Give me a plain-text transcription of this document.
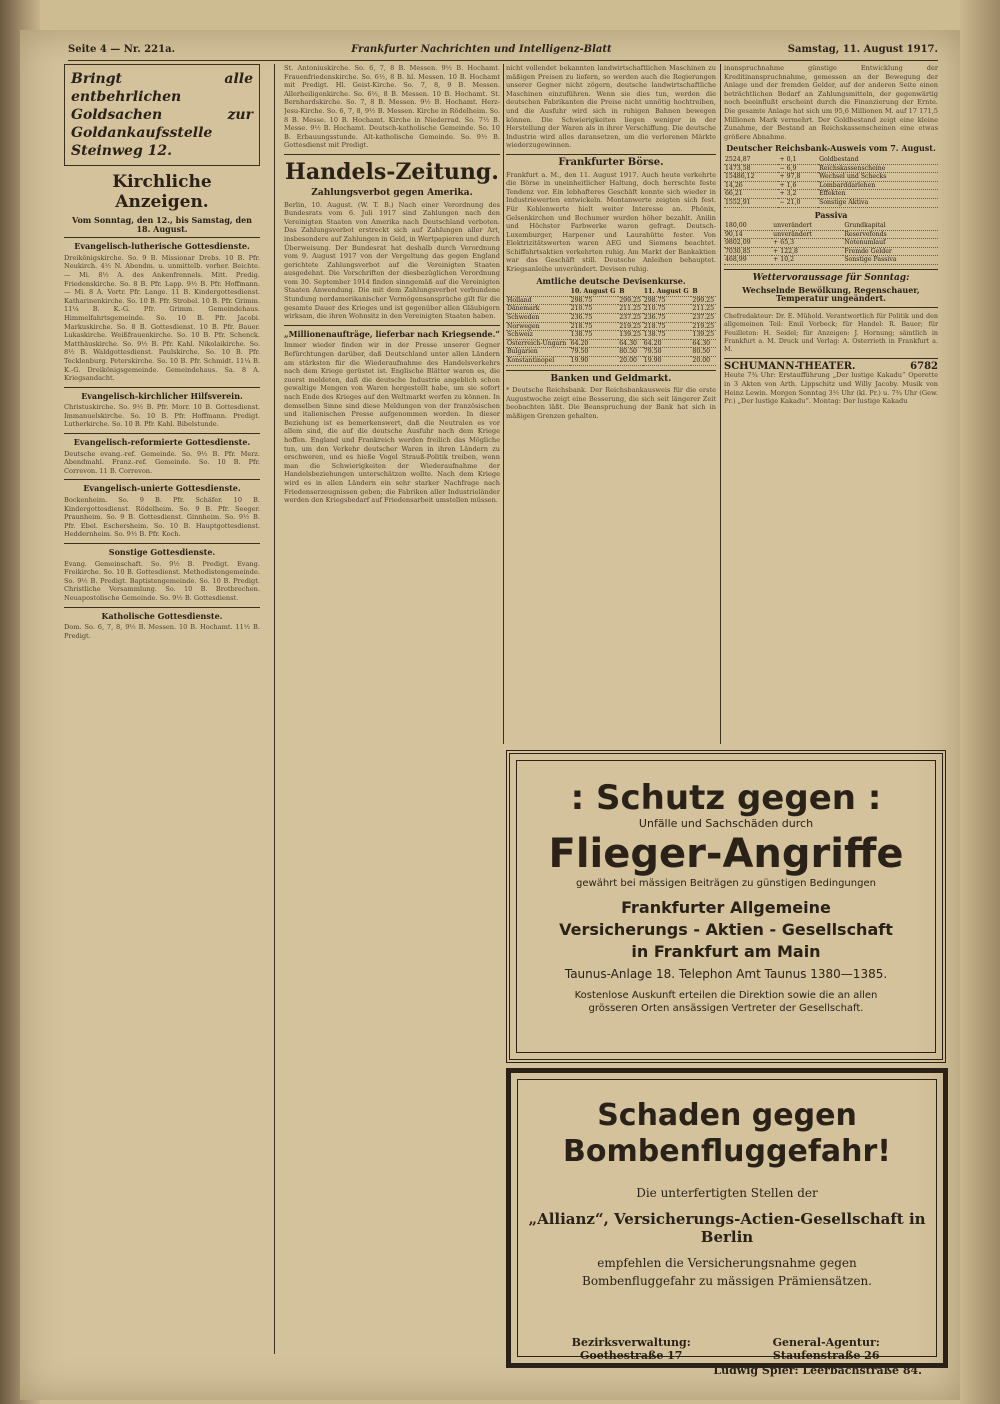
Seite 4 — Nr. 221a.	Frankfurter Nachrichten und Intelligenz-Blatt	Samstag, 11. August 1917.
Bringt alle entbehrlichen Goldsachen zur Goldankaufsstelle Steinweg 12.
Kirchliche Anzeigen.
Vom Sonntag, den 12., bis Samstag, den 18. August.
Evangelisch-lutherische Gottesdienste.
Dreikönigskirche. So. 9 B. Missionar Drebs. 10 B. Pfr. Neukirch. 4½ N. Abendm. u. unmittelb. vorher. Beichte. — Mi. 8½ A. des Ankenfrennels. Mitt. Predig. Friedenskirche. So. 8 B. Pfr. Lapp. 9½ B. Pfr. Hoffmann. — Mi. 8 A. Vortr. Pfr. Lange. 11 B. Kindergottesdienst. Katharinenkirche. So. 10 B. Pfr. Strobel. 10 B. Pfr. Grimm. 11¼ B. K.-G. Pfr. Grimm. Gemeindehaus. Himmelfahrtsgemeinde. So. 10 B. Pfr. Jacobi. Markuskirche. So. 8 B. Gottesdienst. 10 B. Pfr. Bauer. Lukaskirche. Weißfrauenkirche. So. 10 B. Pfr. Schenck. Matthäuskirche. So. 9½ B. Pfr. Kahl. Nikolaikirche. So. 8½ B. Waldgottesdienst. Paulskirche. So. 10 B. Pfr. Tecklenburg. Peterskirche. So. 10 B. Pfr. Schmidt. 11¼ B. K.-G. Dreikönigsgemeinde. Gemeindehaus. Sa. 8 A. Kriegsandacht.
Evangelisch-kirchlicher Hilfsverein.
Christuskirche. So. 9½ B. Pfr. Morr. 10 B. Gottesdienst. Immanuelskirche. So. 10 B. Pfr. Hoffmann. Predigt. Lutherkirche. So. 10 B. Pfr. Kahl. Bibelstunde.
Evangelisch-reformierte Gottesdienste.
Deutsche evang.-ref. Gemeinde. So. 9½ B. Pfr. Merz. Abendmahl. Franz.-ref. Gemeinde. So. 10 B. Pfr. Correvon. 11 B. Correvon.
Evangelisch-unierte Gottesdienste.
Bockenheim. So. 9 B. Pfr. Schäfer. 10 B. Kindergottesdienst. Rödelheim. So. 9 B. Pfr. Seeger. Praunheim. So. 9 B. Gottesdienst. Ginnheim. So. 9½ B. Pfr. Ebel. Eschersheim. So. 10 B. Hauptgottesdienst. Heddernheim. So. 9½ B. Pfr. Koch.
Sonstige Gottesdienste.
Evang. Gemeinschaft. So. 9½ B. Predigt. Evang. Freikirche. So. 10 B. Gottesdienst. Methodistengemeinde. So. 9½ B. Predigt. Baptistengemeinde. So. 10 B. Predigt. Christliche Versammlung. So. 10 B. Brotbrechen. Neuapostolische Gemeinde. So. 9½ B. Gottesdienst.
Katholische Gottesdienste.
Dom. So. 6, 7, 8, 9½ B. Messen. 10 B. Hochamt. 11½ B. Predigt.
St. Antoniuskirche. So. 6, 7, 8 B. Messen. 9½ B. Hochamt. Frauenfriedenskirche. So. 6½, 8 B. hl. Messen. 10 B. Hochamt mit Predigt. Hl. Geist-Kirche. So. 7, 8, 9 B. Messen. Allerheiligenkirche. So. 6½, 8 B. Messen. 10 B. Hochamt. St. Bernhardskirche. So. 7, 8 B. Messen. 9½ B. Hochamt. Herz-Jesu-Kirche. So. 6, 7, 8, 9½ B. Messen. Kirche in Rödelheim. So. 8 B. Messe. 10 B. Hochamt. Kirche in Niederrad. So. 7½ B. Messe. 9½ B. Hochamt. Deutsch-katholische Gemeinde. So. 10 B. Erbauungsstunde. Alt-katholische Gemeinde. So. 9½ B. Gottesdienst mit Predigt.
Handels-Zeitung.
Zahlungsverbot gegen Amerika.
Berlin, 10. August. (W. T. B.) Nach einer Verordnung des Bundesrats vom 6. Juli 1917 sind Zahlungen nach den Vereinigten Staaten von Amerika nach Deutschland verboten. Das Zahlungsverbot erstreckt sich auf Zahlungen aller Art, insbesondere auf Zahlungen in Geld, in Wertpapieren und durch Überweisung. Der Bundesrat hat deshalb durch Verordnung vom 9. August 1917 von der Vergeltung das gegen England gerichtete Zahlungsverbot auf die Vereinigten Staaten ausgedehnt. Die Vorschriften der diesbezüglichen Verordnung vom 30. September 1914 finden sinngemäß auf die Vereinigten Staaten Anwendung. Die mit dem Zahlungsverbot verbundene Stundung nordamerikanischer Vermögensansprüche gilt für die gesamte Dauer des Krieges und ist gegenüber allen Gläubigern wirksam, die ihren Wohnsitz in den Vereinigten Staaten haben.
„Millionenaufträge, lieferbar nach Kriegsende.“
Immer wieder finden wir in der Presse unserer Gegner Befürchtungen darüber, daß Deutschland unter allen Ländern am stärksten für die Wiederaufnahme des Handelsverkehrs nach dem Kriege gerüstet ist. Englische Blätter waren es, die zuerst meldeten, daß die deutsche Industrie angeblich schon gewaltige Mengen von Waren hergestellt habe, um sie sofort nach Ende des Krieges auf den Weltmarkt werfen zu können. In demselben Sinne sind diese Meldungen von der französischen und italienischen Presse aufgenommen worden. In dieser Beziehung ist es bemerkenswert, daß die Neutralen es vor allem sind, die auf die deutsche Ausfuhr nach dem Kriege hoffen. England und Frankreich werden freilich das Mögliche tun, um den Verkehr deutscher Waren in ihren Ländern zu erschweren, und es hieße Vogel Strauß-Politik treiben, wenn man die Schwierigkeiten der Wiederaufnahme der Handelsbeziehungen unterschätzen wollte. Nach dem Kriege wird es in allen Ländern ein sehr starker Nachfrage nach Friedenserzeugnissen geben; die Fabriken aller Industrieländer werden den Kriegsbedarf auf Friedensarbeit umstellen müssen.
nicht vollendet bekannten landwirtschaftlichen Maschinen zu mäßigen Preisen zu liefern, so werden auch die Regierungen unserer Gegner nicht zögern, deutsche landwirtschaftliche Maschinen einzuführen. Wenn sie dies tun, werden die deutschen Fabrikanten die Preise nicht unnötig hochtreiben, und die Ausfuhr wird sich in ruhigen Bahnen bewegen können. Die Schwierigkeiten liegen weniger in der Herstellung der Waren als in ihrer Verschiffung. Die deutsche Industrie wird alles daransetzen, um die verlorenen Märkte wiederzugewinnen.
Frankfurter Börse.
Frankfurt a. M., den 11. August 1917. Auch heute verkehrte die Börse in uneinheitlicher Haltung, doch herrschte feste Tendenz vor. Ein lebhafteres Geschäft konnte sich wieder in Industriewerten entwickeln. Montanwerte zeigten sich fest. Für Kohlenwerte hielt weiter Interesse an. Phönix, Gelsenkirchen und Bochumer wurden höher bezahlt. Anilin und Höchster Farbwerke waren gefragt. Deutsch-Luxemburger, Harpener und Laurahütte fester. Von Elektrizitätswerten waren AEG und Siemens beachtet. Schiffahrtsaktien verkehrten ruhig. Am Markt der Bankaktien war das Geschäft still. Deutsche Anleihen behauptet. Kriegsanleihe unverändert. Devisen ruhig.
Amtliche deutsche Devisenkurse.
	10. August G	B	11. August G	B
Holland	298.75	299.25	298.75	299.25
Dänemark	210.75	211.25	210.75	211.25
Schweden	236.75	237.25	236.75	237.25
Norwegen	218.75	219.25	218.75	219.25
Schweiz	138.75	139.25	138.75	139.25
Österreich-Ungarn	64.20	64.30	64.20	64.30
Bulgarien	79.50	80.50	79.50	80.50
Konstantinopel	19.90	20.00	19.90	20.00
Banken und Geldmarkt.
* Deutsche Reichsbank. Der Reichsbankausweis für die erste Augustwoche zeigt eine Besserung, die sich seit längerer Zeit beobachten läßt. Die Beanspruchung der Bank hat sich in mäßigen Grenzen gehalten.
inanspruchnahme günstige Entwicklung der Kreditinanspruchnahme, gemessen an der Bewegung der Anlage und der fremden Gelder, auf der anderen Seite einen beträchtlichen Bedarf an Zahlungsmitteln, der gegenwärtig noch beeinflußt erscheint durch die Finanzierung der Ernte. Die gesamte Anlage hat sich um 95,6 Millionen M. auf 17 171,5 Millionen Mark vermehrt. Der Goldbestand zeigt eine kleine Zunahme, der Bestand an Reichskassenscheinen eine etwas größere Abnahme.
Deutscher Reichsbank-Ausweis vom 7. August.
2524,87	+ 0,1	Goldbestand
1473,58	− 6,9	Reichskassenscheine
15486,12	+ 97,8	Wechsel und Schecks
14,26	+ 1,6	Lombarddarlehen
66,21	+ 3,2	Effekten
1552,91	− 21,0	Sonstige Aktiva
Passiva
180,00	unverändert	Grundkapital
90,14	unverändert	Reservefonds
9802,09	+ 65,3	Notenumlauf
7030,85	+ 122,8	Fremde Gelder
468,99	+ 10,2	Sonstige Passiva
Wettervoraussage für Sonntag:
Wechselnde Bewölkung, Regenschauer, Temperatur ungeändert.
Chefredakteur: Dr. E. Mühold. Verantwortlich für Politik und den allgemeinen Teil: Emil Vorbeck; für Handel: R. Bauer; für Feuilleton: H. Seidel; für Anzeigen: J. Hornung; sämtlich in Frankfurt a. M. Druck und Verlag: A. Osterrieth in Frankfurt a. M.
SCHUMANN-THEATER.	6782
Heute 7¾ Uhr: Erstaufführung „Der lustige Kakadu“ Operette in 3 Akten von Arth. Lippschitz und Willy Jacoby. Musik von Heinz Lewin. Morgen Sonntag 3½ Uhr (kl. Pr.) u. 7¾ Uhr (Gew. Pr.) „Der lustige Kakadu“. Montag: Der lustige Kakadu
: Schutz gegen :
Unfälle und Sachschäden durch
Flieger-Angriffe
gewährt bei mässigen Beiträgen zu günstigen Bedingungen
Frankfurter Allgemeine
Versicherungs - Aktien - Gesellschaft
in Frankfurt am Main
Taunus-Anlage 18. Telephon Amt Taunus 1380—1385.
Kostenlose Auskunft erteilen die Direktion sowie die an allen grösseren Orten ansässigen Vertreter der Gesellschaft.
Schaden gegen Bombenfluggefahr!
Die unterfertigten Stellen der
„Allianz“, Versicherungs-Actien-Gesellschaft in Berlin
empfehlen die Versicherungsnahme gegen
Bombenfluggefahr zu mässigen Prämiensätzen.
Bezirksverwaltung: Goethestraße 17
General-Agentur: Staufenstraße 26
Ludwig Spier: Leerbachstraße 84.
